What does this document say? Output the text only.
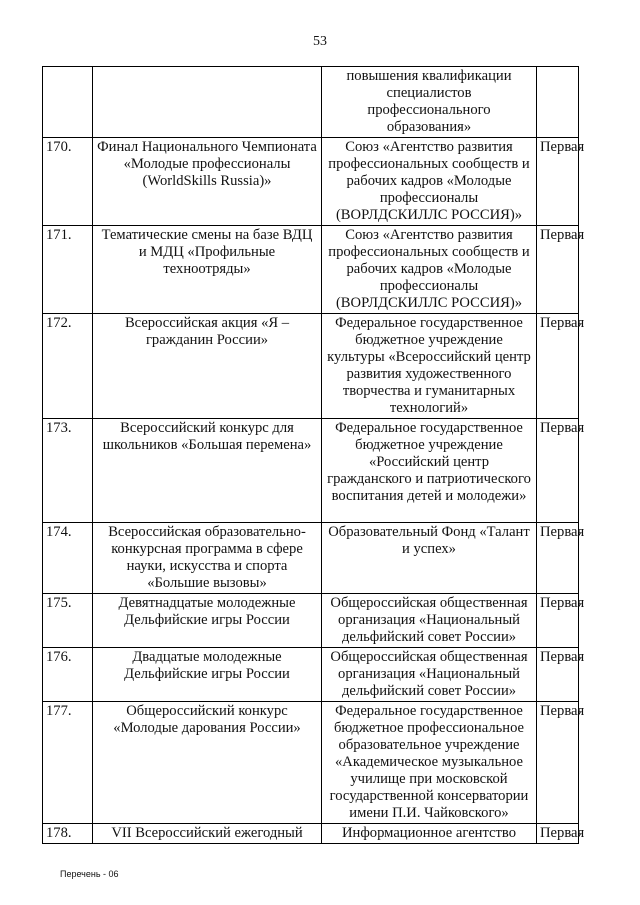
53
		повышения квалификации специалистов профессионального образования»	
170.	Финал Национального Чемпионата «Молодые профессионалы (WorldSkills Russia)»	Союз «Агентство развития профессиональных сообществ и рабочих кадров «Молодые профессионалы (ВОРЛДСКИЛЛС РОССИЯ)»	Первая
171.	Тематические смены на базе ВДЦ и МДЦ «Профильные техноотряды»	Союз «Агентство развития профессиональных сообществ и рабочих кадров «Молодые профессионалы (ВОРЛДСКИЛЛС РОССИЯ)»	Первая
172.	Всероссийская акция «Я – гражданин России»	Федеральное государственное бюджетное учреждение культуры «Всероссийский центр развития художественного творчества и гуманитарных технологий»	Первая
173.	Всероссийский конкурс для школьников «Большая перемена»	Федеральное государственное бюджетное учреждение «Российский центр гражданского и патриотического воспитания детей и молодежи»	Первая
174.	Всероссийская образовательно-конкурсная программа в сфере науки, искусства и спорта «Большие вызовы»	Образовательный Фонд «Талант и успех»	Первая
175.	Девятнадцатые молодежные Дельфийские игры России	Общероссийская общественная организация «Национальный дельфийский совет России»	Первая
176.	Двадцатые молодежные Дельфийские игры России	Общероссийская общественная организация «Национальный дельфийский совет России»	Первая
177.	Общероссийский конкурс «Молодые дарования России»	Федеральное государственное бюджетное профессиональное образовательное учреждение «Академическое музыкальное училище при московской государственной консерватории имени П.И. Чайковского»	Первая
178.	VII Всероссийский ежегодный	Информационное агентство	Первая
Перечень - 06
